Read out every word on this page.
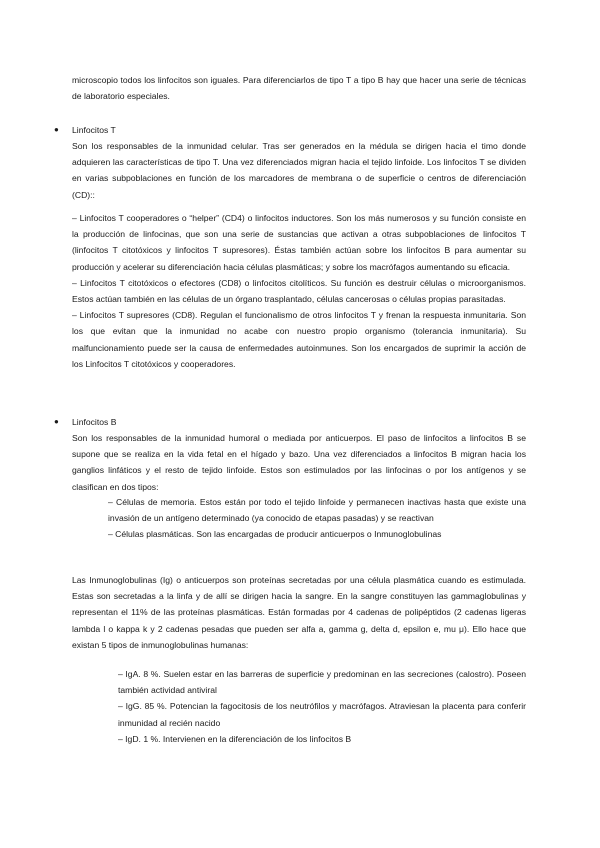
microscopio todos los linfocitos son iguales. Para diferenciarlos de tipo T a tipo B hay que hacer una serie de técnicas de laboratorio especiales.

● Linfocitos T

Son los responsables de la inmunidad celular. Tras ser generados en la médula se dirigen hacia el timo donde adquieren las características de tipo T. Una vez diferenciados migran hacia el tejido linfoide. Los linfocitos T se dividen en varias subpoblaciones en función de los marcadores de membrana o de superficie o centros de diferenciación (CD)::

– Linfocitos T cooperadores o “helper” (CD4) o linfocitos inductores. Son los más numerosos y su función consiste en la producción de linfocinas, que son una serie de sustancias que activan a otras subpoblaciones de linfocitos T (linfocitos T citotóxicos y linfocitos T supresores). Éstas también actúan sobre los linfocitos B para aumentar su producción y acelerar su diferenciación hacia células plasmáticas; y sobre los macrófagos aumentando su eficacia.

– Linfocitos T citotóxicos o efectores (CD8) o linfocitos citolíticos. Su función es destruir células o microorganismos. Estos actúan también en las células de un órgano trasplantado, células cancerosas o células propias parasitadas.

– Linfocitos T supresores (CD8). Regulan el funcionalismo de otros linfocitos T y frenan la respuesta inmunitaria. Son los que evitan que la inmunidad no acabe con nuestro propio organismo (tolerancia inmunitaria). Su malfuncionamiento puede ser la causa de enfermedades autoinmunes. Son los encargados de suprimir la acción de los Linfocitos T citotóxicos y cooperadores.

● Linfocitos B

Son los responsables de la inmunidad humoral o mediada por anticuerpos. El paso de linfocitos a linfocitos B se supone que se realiza en la vida fetal en el hígado y bazo. Una vez diferenciados a linfocitos B migran hacia los ganglios linfáticos y el resto de tejido linfoide. Estos son estimulados por las linfocinas o por los antígenos y se clasifican en dos tipos:

– Células de memoria. Estos están por todo el tejido linfoide y permanecen inactivas hasta que existe una invasión de un antígeno determinado (ya conocido de etapas pasadas) y se reactivan

– Células plasmáticas. Son las encargadas de producir anticuerpos o Inmunoglobulinas

Las Inmunoglobulinas (Ig) o anticuerpos son proteínas secretadas por una célula plasmática cuando es estimulada. Estas son secretadas a la linfa y de allí se dirigen hacia la sangre. En la sangre constituyen las gammaglobulinas y representan el 11% de las proteínas plasmáticas. Están formadas por 4 cadenas de polipéptidos (2 cadenas ligeras lambda l o kappa k y 2 cadenas pesadas que pueden ser alfa a, gamma g, delta d, epsilon e, mu μ). Ello hace que existan 5 tipos de inmunoglobulinas humanas:

– IgA. 8 %. Suelen estar en las barreras de superficie y predominan en las secreciones (calostro). Poseen también actividad antiviral

– IgG. 85 %. Potencian la fagocitosis de los neutrófilos y macrófagos. Atraviesan la placenta para conferir inmunidad al recién nacido

– IgD. 1 %. Intervienen en la diferenciación de los linfocitos B
